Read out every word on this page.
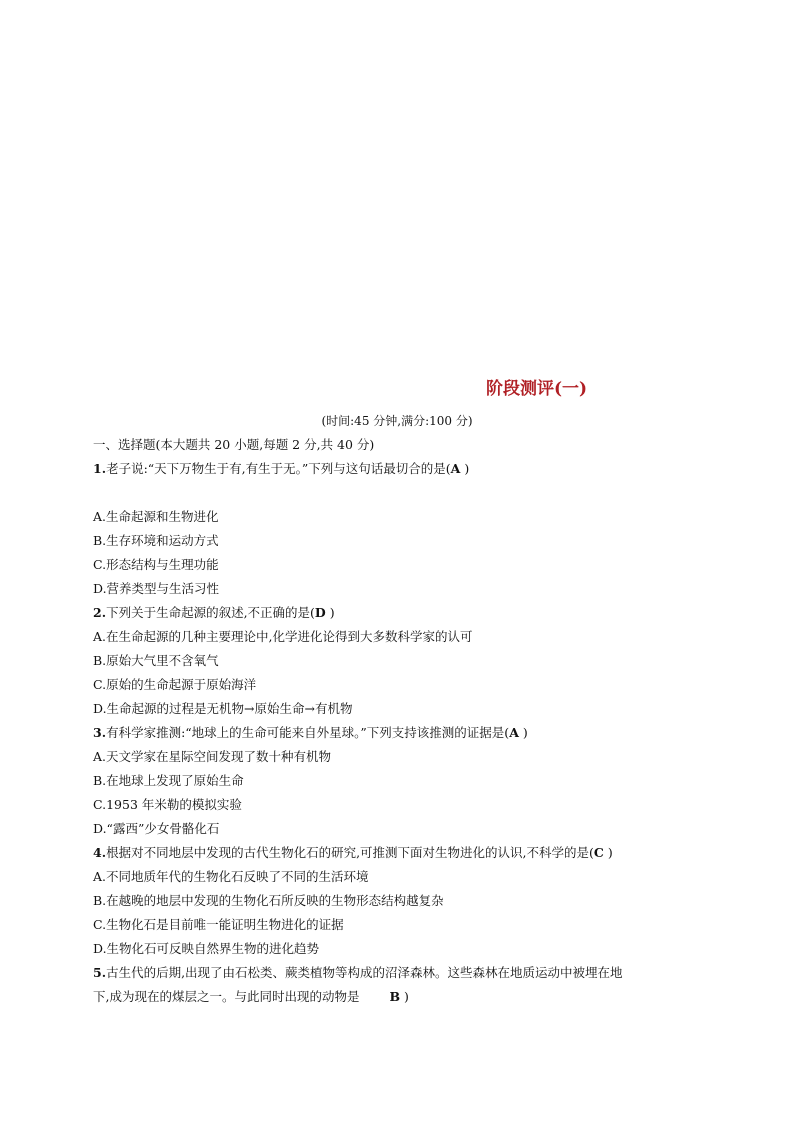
阶段测评(一)
(时间:45 分钟,满分:100 分)
一、选择题(本大题共 20 小题,每题 2 分,共 40 分)
1.老子说:“天下万物生于有,有生于无。”下列与这句话最切合的是(A )
A.生命起源和生物进化
B.生存环境和运动方式
C.形态结构与生理功能
D.营养类型与生活习性
2.下列关于生命起源的叙述,不正确的是(D )
A.在生命起源的几种主要理论中,化学进化论得到大多数科学家的认可
B.原始大气里不含氧气
C.原始的生命起源于原始海洋
D.生命起源的过程是无机物→原始生命→有机物
3.有科学家推测:“地球上的生命可能来自外星球。”下列支持该推测的证据是(A )
A.天文学家在星际空间发现了数十种有机物
B.在地球上发现了原始生命
C.1953 年米勒的模拟实验
D.“露西”少女骨骼化石
4.根据对不同地层中发现的古代生物化石的研究,可推测下面对生物进化的认识,不科学的是(C )
A.不同地质年代的生物化石反映了不同的生活环境
B.在越晚的地层中发现的生物化石所反映的生物形态结构越复杂
C.生物化石是目前唯一能证明生物进化的证据
D.生物化石可反映自然界生物的进化趋势
5.古生代的后期,出现了由石松类、蕨类植物等构成的沼泽森林。这些森林在地质运动中被埋在地
下,成为现在的煤层之一。与此同时出现的动物是 B )
